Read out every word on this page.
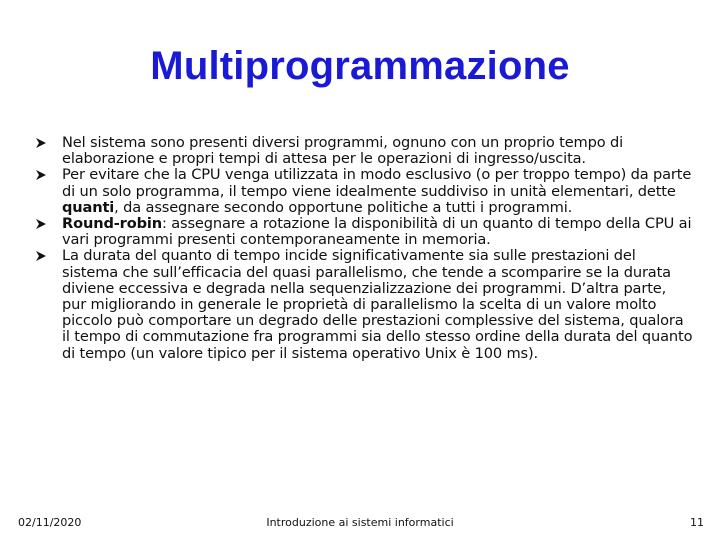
Multiprogrammazione
Nel sistema sono presenti diversi programmi, ognuno con un proprio tempo di elaborazione e propri tempi di attesa per le operazioni di ingresso/uscita.
Per evitare che la CPU venga utilizzata in modo esclusivo (o per troppo tempo) da parte di un solo programma, il tempo viene idealmente suddiviso in unità elementari, dette quanti, da assegnare secondo opportune politiche a tutti i programmi.
Round-robin: assegnare a rotazione la disponibilità di un quanto di tempo della CPU ai vari programmi presenti contemporaneamente in memoria.
La durata del quanto di tempo incide significativamente sia sulle prestazioni del sistema che sull’efficacia del quasi parallelismo, che tende a scomparire se la durata diviene eccessiva e degrada nella sequenzializzazione dei programmi. D’altra parte, pur migliorando in generale le proprietà di parallelismo la scelta di un valore molto piccolo può comportare un degrado delle prestazioni complessive del sistema, qualora il tempo di commutazione fra programmi sia dello stesso ordine della durata del quanto di tempo (un valore tipico per il sistema operativo Unix è 100 ms).
02/11/2020	Introduzione ai sistemi informatici	11
